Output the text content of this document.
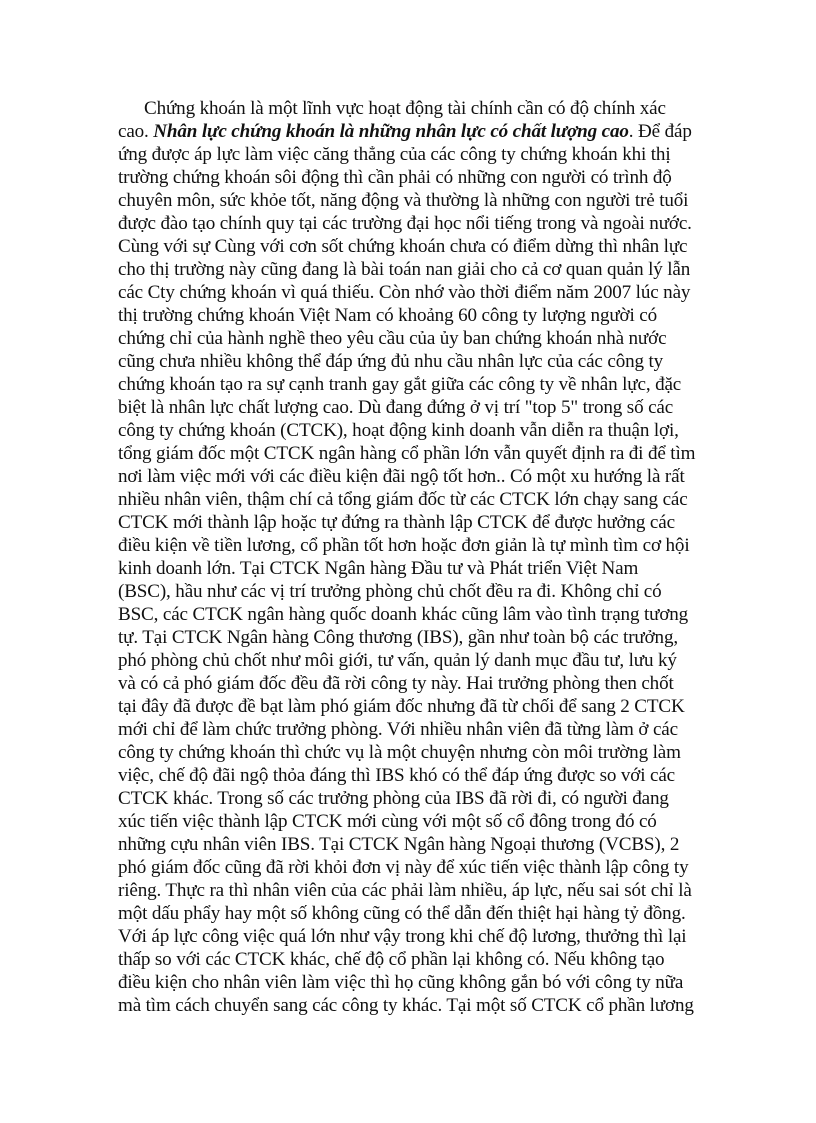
Chứng khoán là một lĩnh vực hoạt động tài chính cần có độ chính xác
cao. Nhân lực chứng khoán là những nhân lực có chất lượng cao. Để đáp
ứng được áp lực làm việc căng thẳng của các công ty chứng khoán khi thị
trường chứng khoán sôi động thì cần phải có những con người có trình độ
chuyên môn, sức khỏe tốt, năng động và thường là những con người trẻ tuổi
được đào tạo chính quy tại các trường đại học nổi tiếng trong và ngoài nước.
Cùng với sự Cùng với cơn sốt chứng khoán chưa có điểm dừng thì nhân lực
cho thị trường này cũng đang là bài toán nan giải cho cả cơ quan quản lý lẫn
các Cty chứng khoán vì quá thiếu. Còn nhớ vào thời điểm năm 2007 lúc này
thị trường chứng khoán Việt Nam có khoảng 60 công ty lượng người có
chứng chỉ của hành nghề theo yêu cầu của ủy ban chứng khoán nhà nước
cũng chưa nhiều không thể đáp ứng đủ nhu cầu nhân lực của các công ty
chứng khoán tạo ra sự cạnh tranh gay gắt giữa các công ty về nhân lực, đặc
biệt là nhân lực chất lượng cao. Dù đang đứng ở vị trí "top 5" trong số các
công ty chứng khoán (CTCK), hoạt động kinh doanh vẫn diễn ra thuận lợi,
tổng giám đốc một CTCK ngân hàng cổ phần lớn vẫn quyết định ra đi để tìm
nơi làm việc mới với các điều kiện đãi ngộ tốt hơn.. Có một xu hướng là rất
nhiều nhân viên, thậm chí cả tổng giám đốc từ các CTCK lớn chạy sang các
CTCK mới thành lập hoặc tự đứng ra thành lập CTCK để được hưởng các
điều kiện về tiền lương, cổ phần tốt hơn hoặc đơn giản là tự mình tìm cơ hội
kinh doanh lớn. Tại CTCK Ngân hàng Đầu tư và Phát triển Việt Nam
(BSC), hầu như các vị trí trưởng phòng chủ chốt đều ra đi. Không chỉ có
BSC, các CTCK ngân hàng quốc doanh khác cũng lâm vào tình trạng tương
tự. Tại CTCK Ngân hàng Công thương (IBS), gần như toàn bộ các trưởng,
phó phòng chủ chốt như môi giới, tư vấn, quản lý danh mục đầu tư, lưu ký
và có cả phó giám đốc đều đã rời công ty này. Hai trưởng phòng then chốt
tại đây đã được đề bạt làm phó giám đốc nhưng đã từ chối để sang 2 CTCK
mới chỉ để làm chức trưởng phòng. Với nhiều nhân viên đã từng làm ở các
công ty chứng khoán thì chức vụ là một chuyện nhưng còn môi trường làm
việc, chế độ đãi ngộ thỏa đáng thì IBS khó có thể đáp ứng được so với các
CTCK khác. Trong số các trưởng phòng của IBS đã rời đi, có người đang
xúc tiến việc thành lập CTCK mới cùng với một số cổ đông trong đó có
những cựu nhân viên IBS. Tại CTCK Ngân hàng Ngoại thương (VCBS), 2
phó giám đốc cũng đã rời khỏi đơn vị này để xúc tiến việc thành lập công ty
riêng. Thực ra thì nhân viên của các phải làm nhiều, áp lực, nếu sai sót chỉ là
một dấu phẩy hay một số không cũng có thể dẫn đến thiệt hại hàng tỷ đồng.
Với áp lực công việc quá lớn như vậy trong khi chế độ lương, thưởng thì lại
thấp so với các CTCK khác, chế độ cổ phần lại không có. Nếu không tạo
điều kiện cho nhân viên làm việc thì họ cũng không gắn bó với công ty nữa
mà tìm cách chuyển sang các công ty khác. Tại một số CTCK cổ phần lương
